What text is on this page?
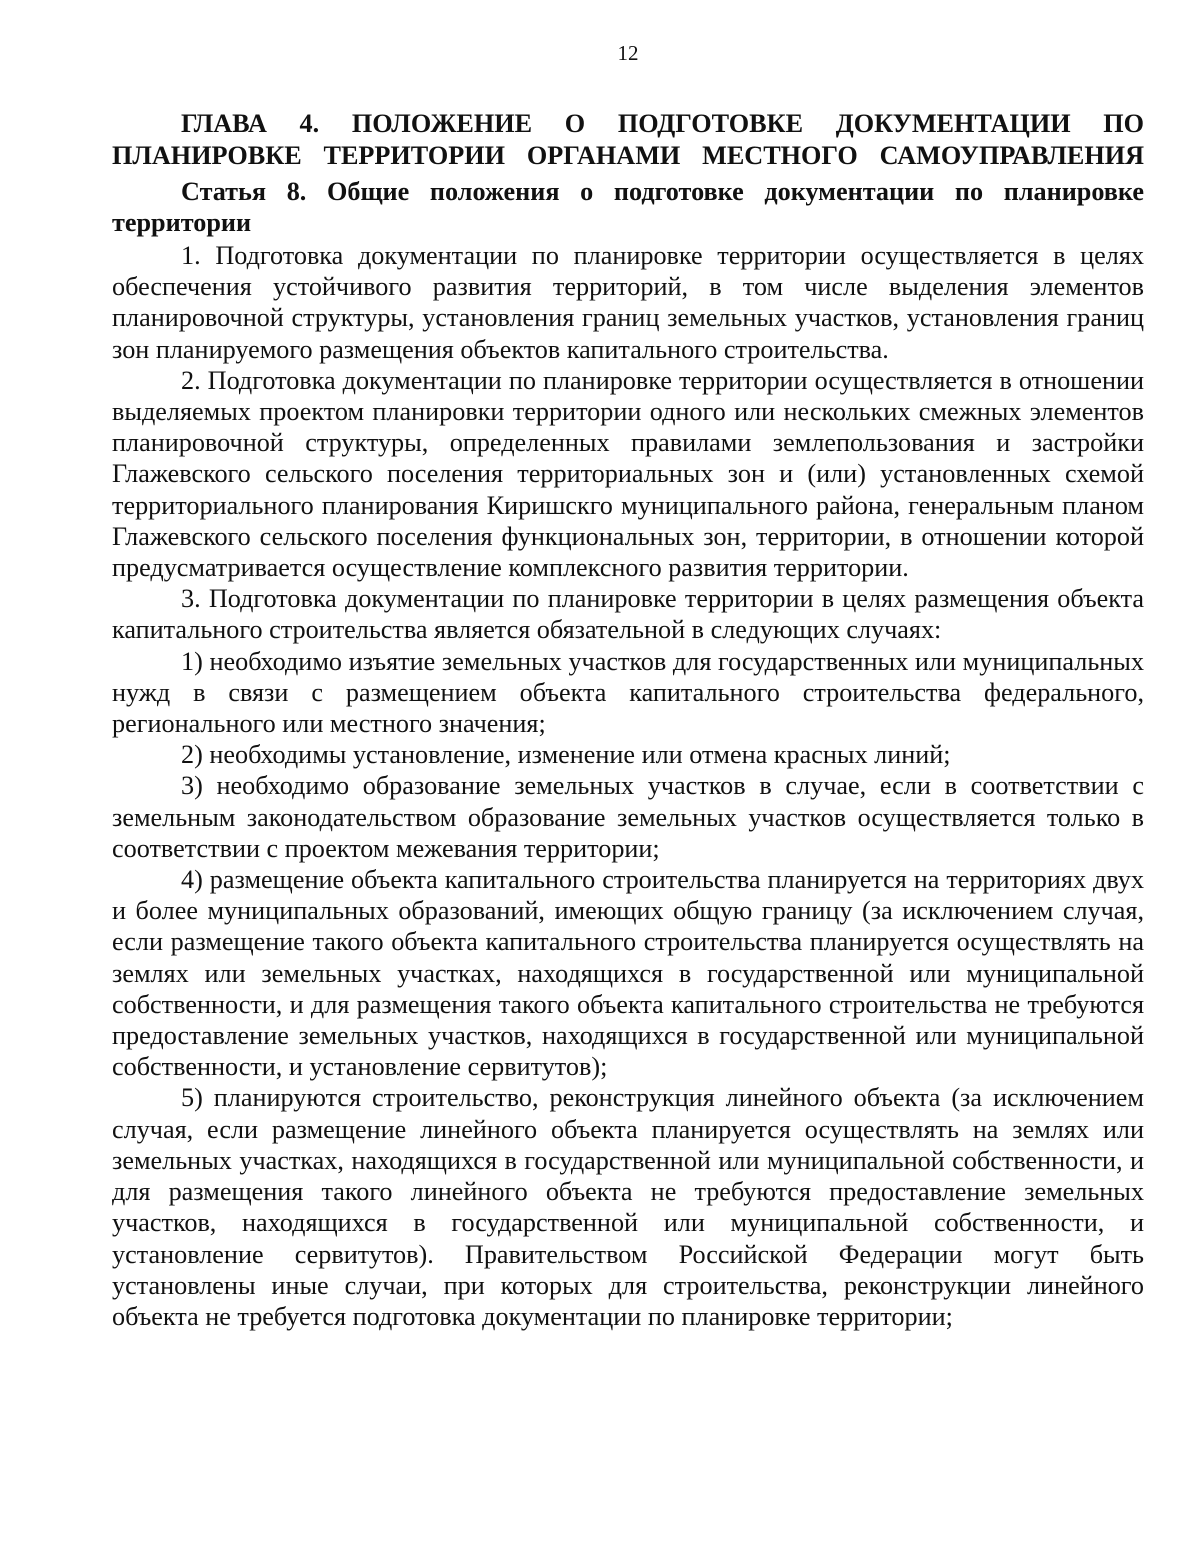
12
ГЛАВА 4. ПОЛОЖЕНИЕ О ПОДГОТОВКЕ ДОКУМЕНТАЦИИ ПО
ПЛАНИРОВКЕ ТЕРРИТОРИИ ОРГАНАМИ МЕСТНОГО САМОУПРАВЛЕНИЯ
Статья 8. Общие положения о подготовке документации по планировке территории

1. Подготовка документации по планировке территории осуществляется в целях обеспечения устойчивого развития территорий, в том числе выделения элементов планировочной структуры, установления границ земельных участков, установления границ зон планируемого размещения объектов капитального строительства.

2. Подготовка документации по планировке территории осуществляется в отношении выделяемых проектом планировки территории одного или нескольких смежных элементов планировочной структуры, определенных правилами землепользования и застройки Глажевского сельского поселения территориальных зон и (или) установленных схемой территориального планирования Киришскго муниципального района, генеральным планом Глажевского сельского поселения функциональных зон, территории, в отношении которой предусматривается осуществление комплексного развития территории.

3. Подготовка документации по планировке территории в целях размещения объекта капитального строительства является обязательной в следующих случаях:

1) необходимо изъятие земельных участков для государственных или муниципальных нужд в связи с размещением объекта капитального строительства федерального, регионального или местного значения;

2) необходимы установление, изменение или отмена красных линий;

3) необходимо образование земельных участков в случае, если в соответствии с земельным законодательством образование земельных участков осуществляется только в соответствии с проектом межевания территории;

4) размещение объекта капитального строительства планируется на территориях двух и более муниципальных образований, имеющих общую границу (за исключением случая, если размещение такого объекта капитального строительства планируется осуществлять на землях или земельных участках, находящихся в государственной или муниципальной собственности, и для размещения такого объекта капитального строительства не требуются предоставление земельных участков, находящихся в государственной или муниципальной собственности, и установление сервитутов);

5) планируются строительство, реконструкция линейного объекта (за исключением случая, если размещение линейного объекта планируется осуществлять на землях или земельных участках, находящихся в государственной или муниципальной собственности, и для размещения такого линейного объекта не требуются предоставление земельных участков, находящихся в государственной или муниципальной собственности, и установление сервитутов). Правительством Российской Федерации могут быть установлены иные случаи, при которых для строительства, реконструкции линейного объекта не требуется подготовка документации по планировке территории;
